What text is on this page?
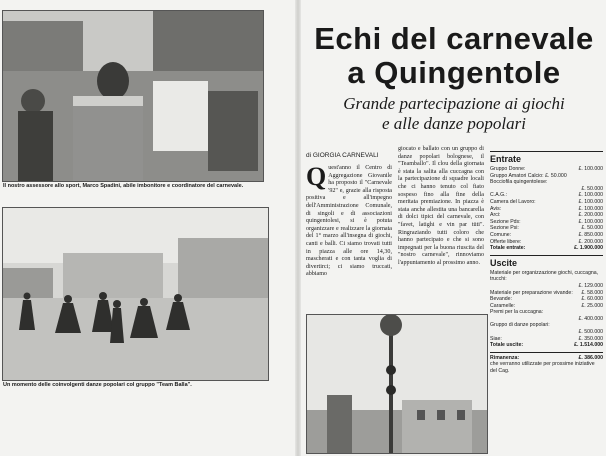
Il nostro assessore allo sport, Marco Spadini, abile imbonitore e coordinatore del carnevale.
Un momento delle coinvolgenti danze popolari col gruppo "Team Balla".
Echi del carnevale
a Quingentole
Grande partecipazione ai giochi
e alle danze popolari
di GIORGIA CARNEVALI
Q uest'anno il Centro di Aggregazione Giovanile ha proposto il "Carnevale '92" e, grazie alla risposta positiva e all'impegno dell'Amministrazione Comunale, di singoli e di associazioni quingentolesi, si è potuta organizzare e realizzare la giornata del 1° marzo all'insegna di giochi, canti e balli. Ci siamo trovati tutti in piazza alle ore 14,30, mascherati e con tanta voglia di divertirci; ci siamo truccati, abbiamo

giocato e ballato con un gruppo di danze popolari bolognese, il "Teamballo". Il clou della giornata è stata la salita alla cuccagna con la partecipazione di squadre locali che ci hanno tenuto col fiato sospeso fino alla fine della meritata premiazione. In piazza è stata anche allestita una bancarella di dolci tipici del carnevale, con "favet, latighi e vin par tüti". Ringraziando tutti coloro che hanno partecipato e che si sono impegnati per la buona riuscita del "nostro carnevale", rinnoviamo l'appuntamento al prossimo anno.

Entrate
Gruppo Donne:	£. 100.000
Gruppo Amatori Calcio: £. 50.000
Bocciofila quingentolese:
£. 50.000
C.A.G.:	£. 100.000
Camera del Lavoro:	£. 100.000
Avis:	£. 100.000
Arci:	£. 200.000
Sezione Pds:	£. 100.000
Sezione Psi:	£. 50.000
Comune:	£. 850.000
Offerte libere:	£. 200.000
Totale entrate:	£. 1.900.000
Uscite
Materiale per organizzazione giochi, cuccagna, trucchi:
£. 129.000
Materiale per preparazione vivande: £. 58.000
Bevande:	£. 60.000
Caramelle:	£. 25.000
Premi per la cuccagna:
£. 400.000
Gruppo di danze popolari:
£. 500.000
Siae:	£. 350.000
Totale uscite:	£. 1.514.000
Rimanenza:	£. 386.000
che verranno utilizzate per prossime iniziative del Cag.
